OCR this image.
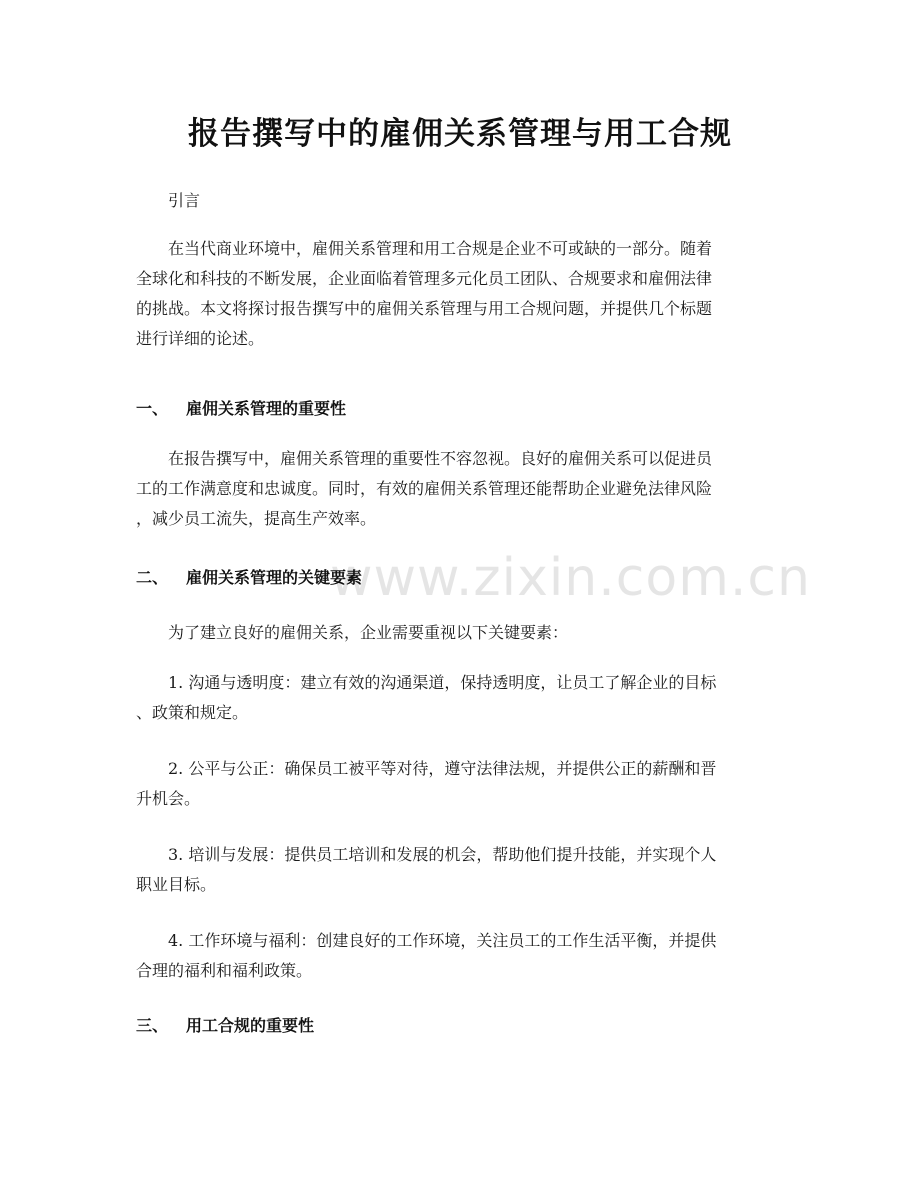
报告撰写中的雇佣关系管理与用工合规
www.zixin.com.cn

引言

　　在当代商业环境中，雇佣关系管理和用工合规是企业不可或缺的一部分。随着
全球化和科技的不断发展，企业面临着管理多元化员工团队、合规要求和雇佣法律
的挑战。本文将探讨报告撰写中的雇佣关系管理与用工合规问题，并提供几个标题
进行详细的论述。

一、 雇佣关系管理的重要性

　　在报告撰写中，雇佣关系管理的重要性不容忽视。良好的雇佣关系可以促进员
工的工作满意度和忠诚度。同时，有效的雇佣关系管理还能帮助企业避免法律风险
，减少员工流失，提高生产效率。

二、 雇佣关系管理的关键要素

　　为了建立良好的雇佣关系，企业需要重视以下关键要素：

　　1. 沟通与透明度：建立有效的沟通渠道，保持透明度，让员工了解企业的目标
、政策和规定。

　　2. 公平与公正：确保员工被平等对待，遵守法律法规，并提供公正的薪酬和晋
升机会。

　　3. 培训与发展：提供员工培训和发展的机会，帮助他们提升技能，并实现个人
职业目标。

　　4. 工作环境与福利：创建良好的工作环境，关注员工的工作生活平衡，并提供
合理的福利和福利政策。

三、 用工合规的重要性
